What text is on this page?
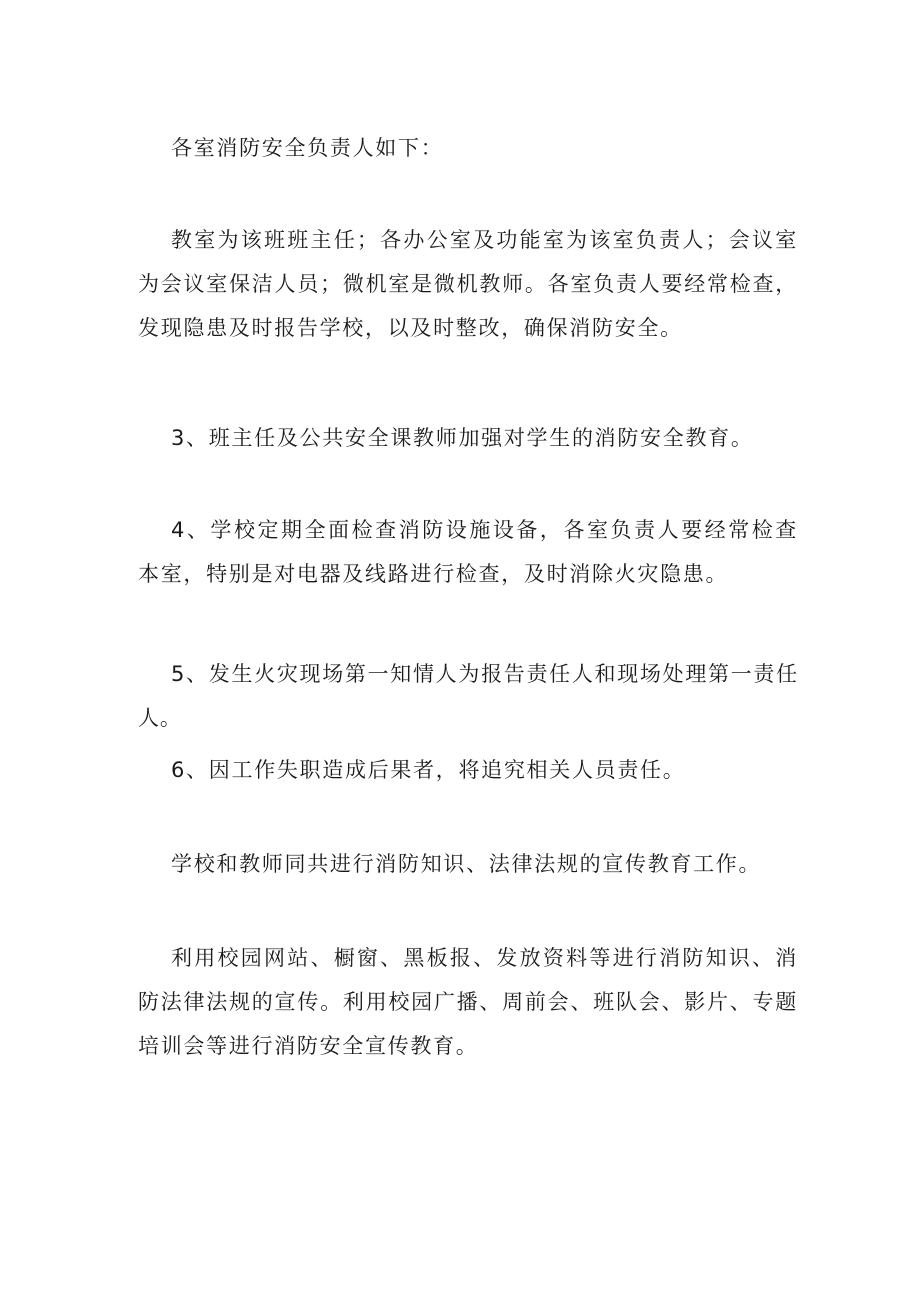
各室消防安全负责人如下：

教室为该班班主任；各办公室及功能室为该室负责人；会议室为会议室保洁人员；微机室是微机教师。各室负责人要经常检查，发现隐患及时报告学校，以及时整改，确保消防安全。

3、班主任及公共安全课教师加强对学生的消防安全教育。

4、学校定期全面检查消防设施设备，各室负责人要经常检查本室，特别是对电器及线路进行检查，及时消除火灾隐患。

5、发生火灾现场第一知情人为报告责任人和现场处理第一责任人。

6、因工作失职造成后果者，将追究相关人员责任。

学校和教师同共进行消防知识、法律法规的宣传教育工作。

利用校园网站、橱窗、黑板报、发放资料等进行消防知识、消防法律法规的宣传。利用校园广播、周前会、班队会、影片、专题培训会等进行消防安全宣传教育。
